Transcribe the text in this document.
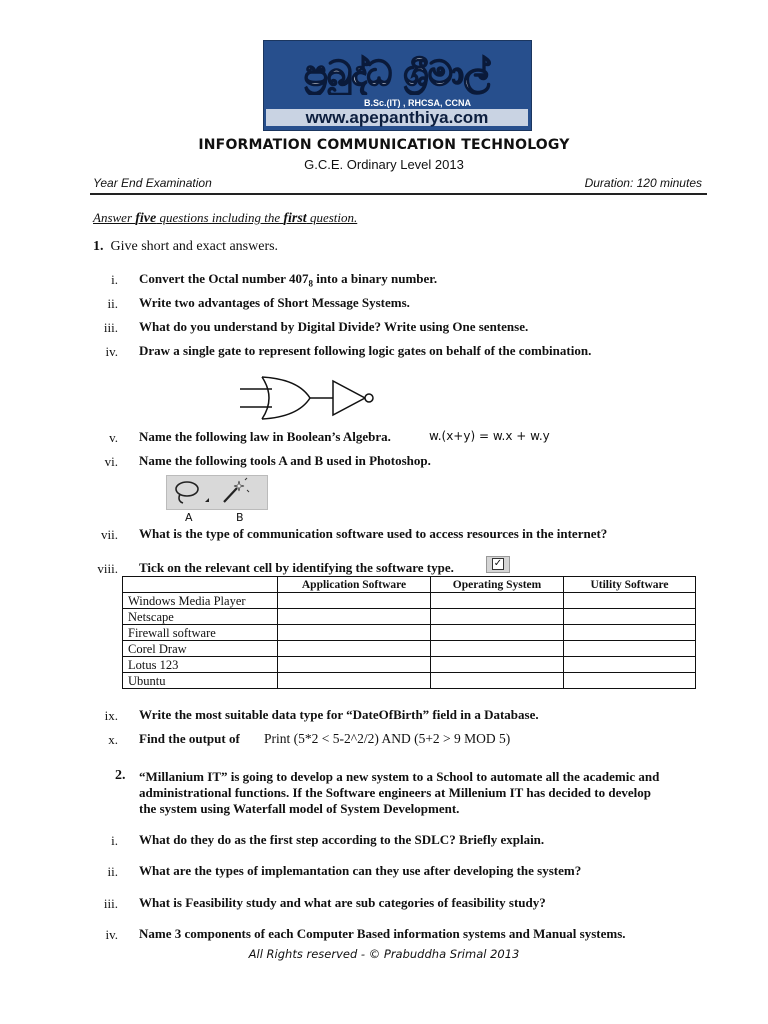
ප්‍රබුද්ධ ශ්‍රීමාල්
B.Sc.(IT) , RHCSA, CCNA
www.apepanthiya.com
INFORMATION COMMUNICATION TECHNOLOGY
G.C.E. Ordinary Level 2013
Year End Examination	Duration: 120 minutes
Answer five questions including the first question.
1. Give short and exact answers.
i. Convert the Octal number $407_8$ into a binary number.
ii. Write two advantages of Short Message Systems.
iii. What do you understand by Digital Divide? Write using One sentense.
iv. Draw a single gate to represent following logic gates on behalf of the combination.
v. Name the following law in Boolean’s Algebra.	w.(x+y) = w.x + w.y
vi. Name the following tools A and B used in Photoshop.
A	B
vii. What is the type of communication software used to access resources in the internet?
viii. Tick on the relevant cell by identifying the software type.	✓
	Application Software	Operating System	Utility Software
Windows Media Player			
Netscape			
Firewall software			
Corel Draw			
Lotus 123			
Ubuntu			
ix. Write the most suitable data type for “DateOfBirth” field in a Database.
x. Find the output of Print (5*2 < 5-2^2/2) AND (5+2 > 9 MOD 5)
2. “Millanium IT” is going to develop a new system to a School to automate all the academic and
administrational functions. If the Software engineers at Millenium IT has decided to develop
the system using Waterfall model of System Development.
i. What do they do as the first step according to the SDLC? Briefly explain.
ii. What are the types of implemantation can they use after developing the system?
iii. What is Feasibility study and what are sub categories of feasibility study?
iv. Name 3 components of each Computer Based information systems and Manual systems.
All Rights reserved - © Prabuddha Srimal 2013
